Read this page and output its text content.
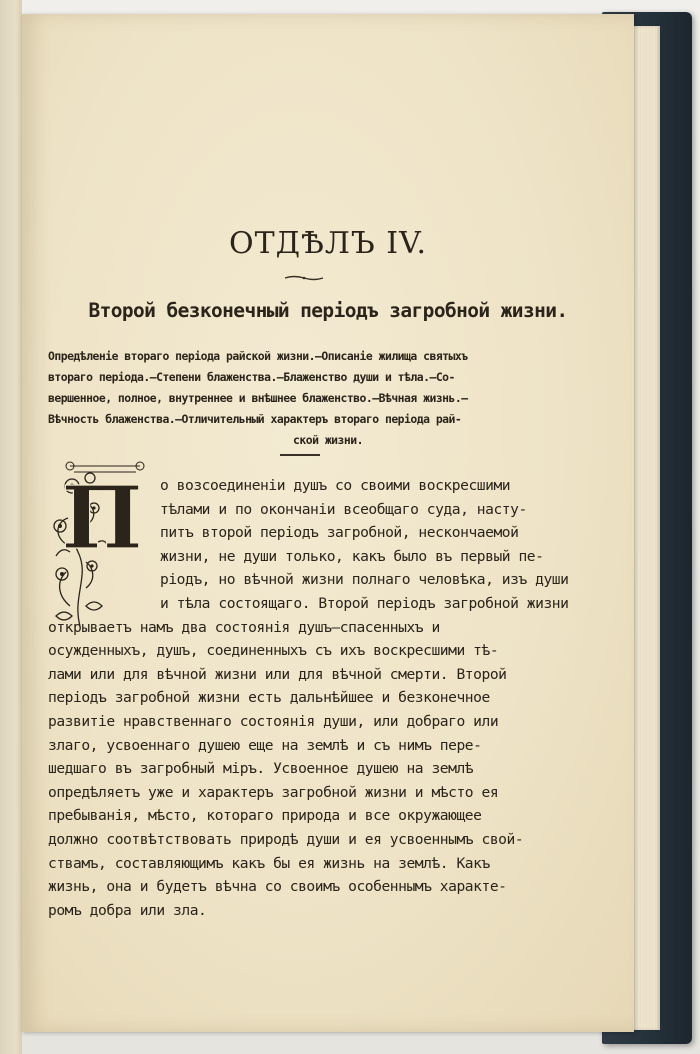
ОТДѢЛЪ IV.
Второй безконечный періодъ загробной жизни.
Опредѣленіе втораго періода райской жизни.—Описаніе жилища святыхъ
втораго періода.—Степени блаженства.—Блаженство души и тѣла.—Со-
вершенное, полное, внутреннее и внѣшнее блаженство.—Вѣчная жизнь.—
Вѣчность блаженства.—Отличительный характеръ втораго періода рай-
ской жизни.
П	о возсоединеніи душъ со своими воскресшими
тѣлами и по окончаніи всеобщаго суда, насту-
питъ второй періодъ загробной, нескончаемой
жизни, не души только, какъ было въ первый пе-
ріодъ, но вѣчной жизни полнаго человѣка, изъ души
и тѣла состоящаго. Второй періодъ загробной жизни
открываетъ намъ два состоянія душъ—спасенныхъ и
осужденныхъ, душъ, соединенныхъ съ ихъ воскресшими тѣ-
лами или для вѣчной жизни или для вѣчной смерти. Второй
періодъ загробной жизни есть дальнѣйшее и безконечное
развитіе нравственнаго состоянія души, или добраго или
злаго, усвоеннаго душею еще на землѣ и съ нимъ пере-
шедшаго въ загробный міръ. Усвоенное душею на землѣ
опредѣляетъ уже и характеръ загробной жизни и мѣсто ея
пребыванія, мѣсто, котораго природа и все окружающее
должно соотвѣтствовать природѣ души и ея усвоеннымъ свой-
ствамъ, составляющимъ какъ бы ея жизнь на землѣ. Какъ
жизнь, она и будетъ вѣчна со своимъ особеннымъ характе-
ромъ добра или зла.
